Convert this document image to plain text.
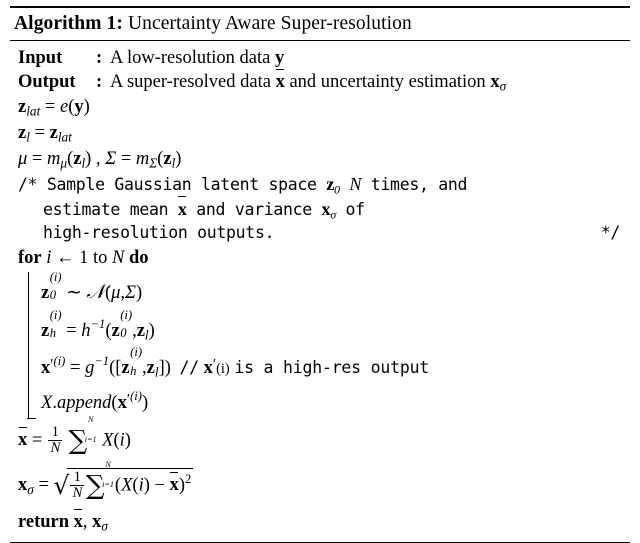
Algorithm 1: Uncertainty Aware Super-resolution
Input	: A low-resolution data y
Output	: A super-resolved data x
and uncertainty estimation $x_\sigma$
$z_{lat} = e(y)$
$z_l = z_{lat}$
$\mu = m_\mu(z_l)$ , $\Sigma = m_\Sigma(z_l)$
/* Sample Gaussian latent space $z_0$ N times, and
estimate mean x
and variance $x_\sigma$ of
high-resolution outputs.	*/
for i ← 1 to N do
z
(i)
0 ∼ 𝒩(μ,Σ)
z
(i)
$h = h^{-1}(z$
(i)
0 $,z_l$)
$x^{'(i)} = g^{-1}([z$
(i)
h $,z_l]) // x'(i)$ is a high-res output
$X.append(x^{'(i)})$
x
= $\frac{1}{N}$ ∑
N
i=1 X(i)
$x_\sigma$ = √ $\frac{1}{N}$ ∑
N
i=1 (X(i) − x
)$^2$
return x
, $x_\sigma$
